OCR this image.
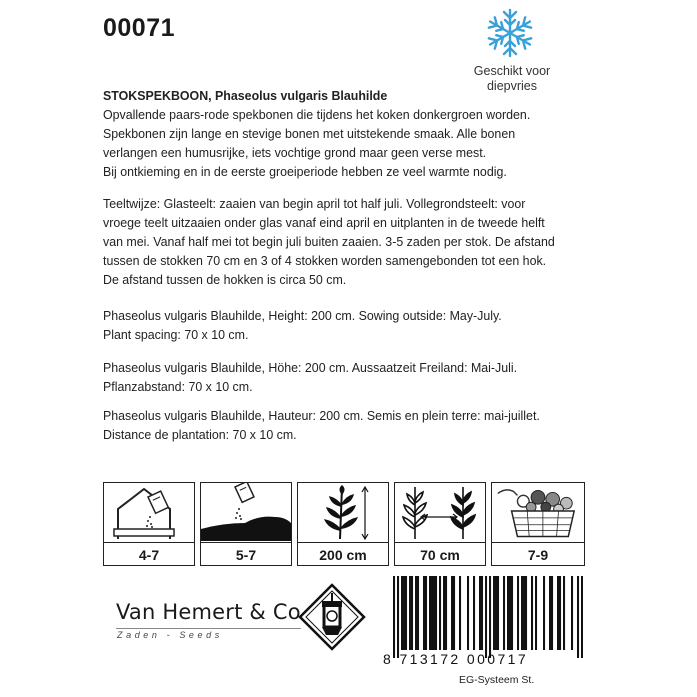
00071
Geschikt voor
diepvries
STOKSPEKBOON, Phaseolus vulgaris Blauhilde
Opvallende paars-rode spekbonen die tijdens het koken donkergroen worden.
Spekbonen zijn lange en stevige bonen met uitstekende smaak. Alle bonen
verlangen een humusrijke, iets vochtige grond maar geen verse mest.
Bij ontkieming en in de eerste groeiperiode hebben ze veel warmte nodig.
Teeltwijze: Glasteelt: zaaien van begin april tot half juli. Vollegrondsteelt: voor
vroege teelt uitzaaien onder glas vanaf eind april en uitplanten in de tweede helft
van mei. Vanaf half mei tot begin juli buiten zaaien. 3-5 zaden per stok. De afstand
tussen de stokken 70 cm en 3 of 4 stokken worden samengebonden tot een hok.
De afstand tussen de hokken is circa 50 cm.
Phaseolus vulgaris Blauhilde, Height: 200 cm. Sowing outside: May-July.
Plant spacing: 70 x 10 cm.
Phaseolus vulgaris Blauhilde, Höhe: 200 cm. Aussaatzeit Freiland: Mai-Juli.
Pflanzabstand: 70 x 10 cm.
Phaseolus vulgaris Blauhilde, Hauteur: 200 cm. Semis en plein terre: mai-juillet.
Distance de plantation: 70 x 10 cm.
4-7	5-7	200 cm	70 cm	7-9
Van Hemert & Co
Zaden - Seeds
8 713172 000717
EG-Systeem St.
